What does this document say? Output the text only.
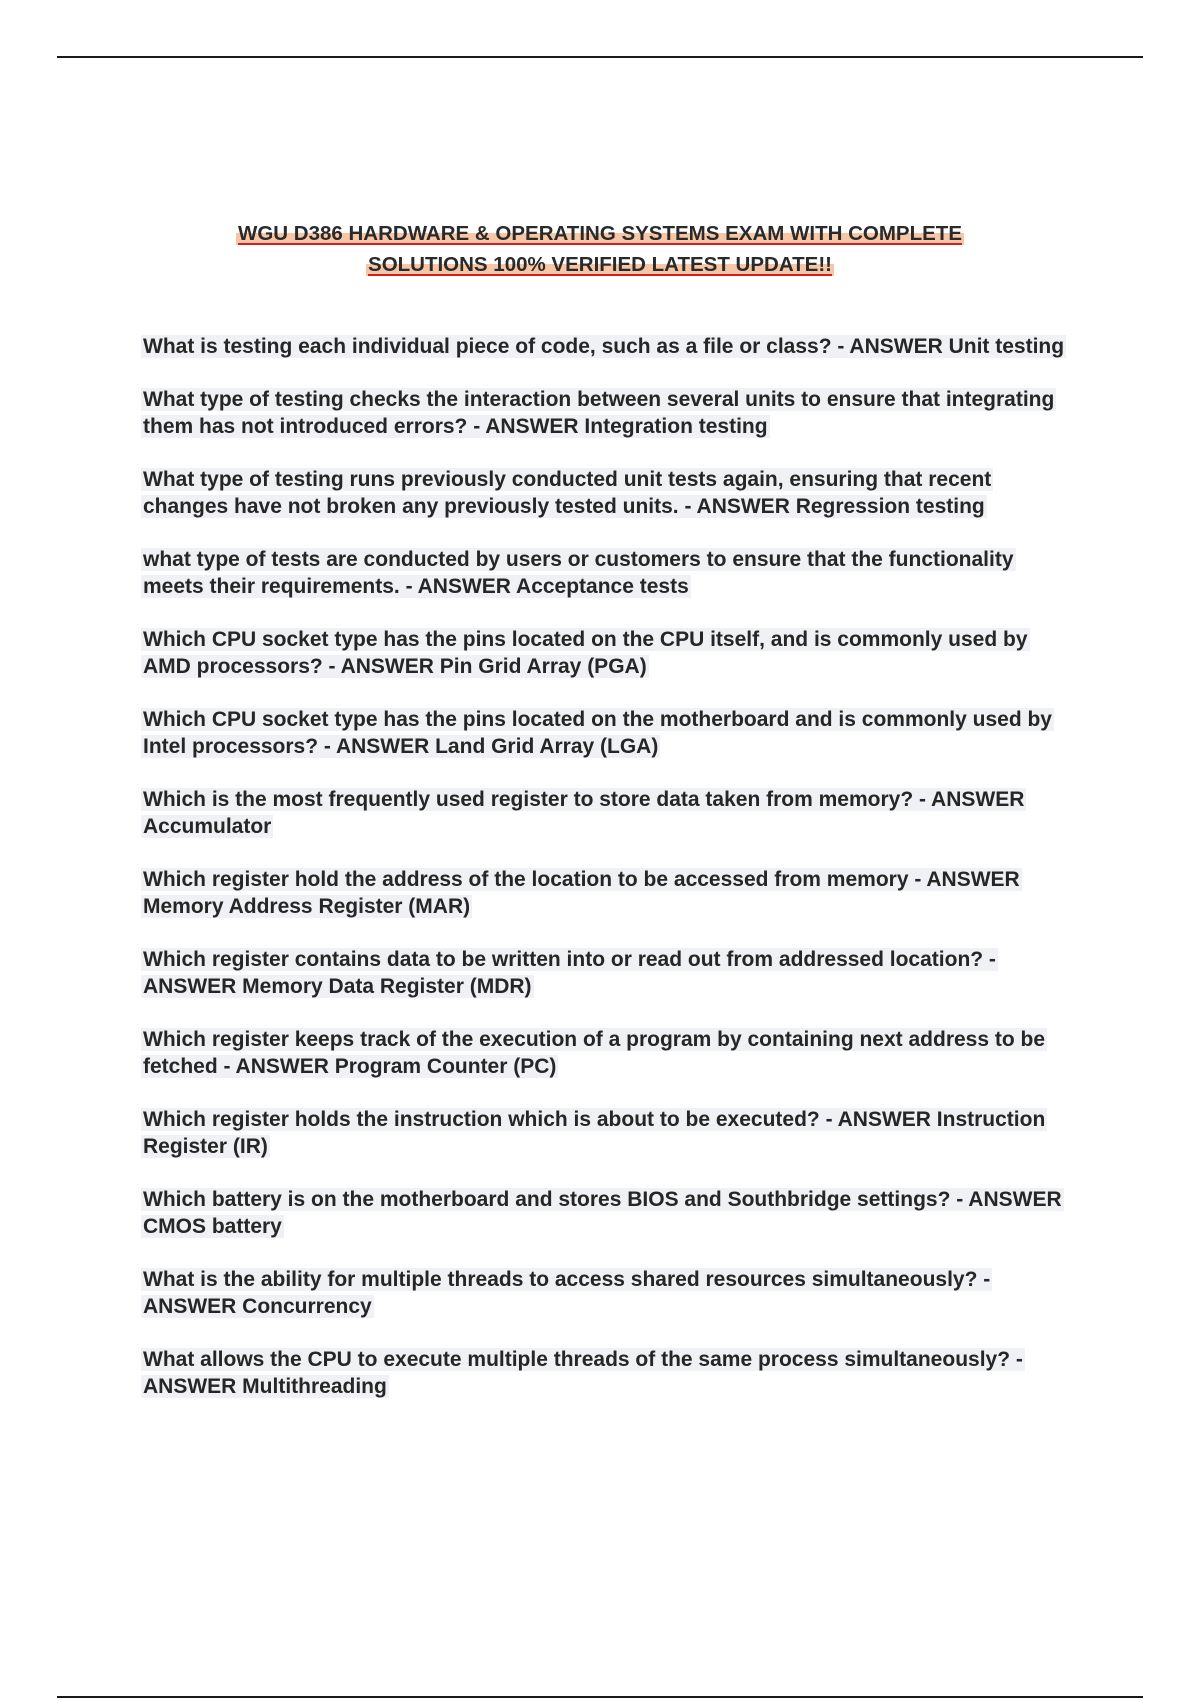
WGU D386 HARDWARE & OPERATING SYSTEMS EXAM WITH COMPLETE
SOLUTIONS 100% VERIFIED LATEST UPDATE!!
What is testing each individual piece of code, such as a file or class? - ANSWER Unit testing
What type of testing checks the interaction between several units to ensure that integrating them has not introduced errors? - ANSWER Integration testing
What type of testing runs previously conducted unit tests again, ensuring that recent changes have not broken any previously tested units. - ANSWER Regression testing
what type of tests are conducted by users or customers to ensure that the functionality meets their requirements. - ANSWER Acceptance tests
Which CPU socket type has the pins located on the CPU itself, and is commonly used by AMD processors? - ANSWER Pin Grid Array (PGA)
Which CPU socket type has the pins located on the motherboard and is commonly used by Intel processors? - ANSWER Land Grid Array (LGA)
Which is the most frequently used register to store data taken from memory? - ANSWER Accumulator
Which register hold the address of the location to be accessed from memory - ANSWER Memory Address Register (MAR)
Which register contains data to be written into or read out from addressed location? - ANSWER Memory Data Register (MDR)
Which register keeps track of the execution of a program by containing next address to be fetched - ANSWER Program Counter (PC)
Which register holds the instruction which is about to be executed? - ANSWER Instruction Register (IR)
Which battery is on the motherboard and stores BIOS and Southbridge settings? - ANSWER CMOS battery
What is the ability for multiple threads to access shared resources simultaneously? - ANSWER Concurrency
What allows the CPU to execute multiple threads of the same process simultaneously? - ANSWER Multithreading
